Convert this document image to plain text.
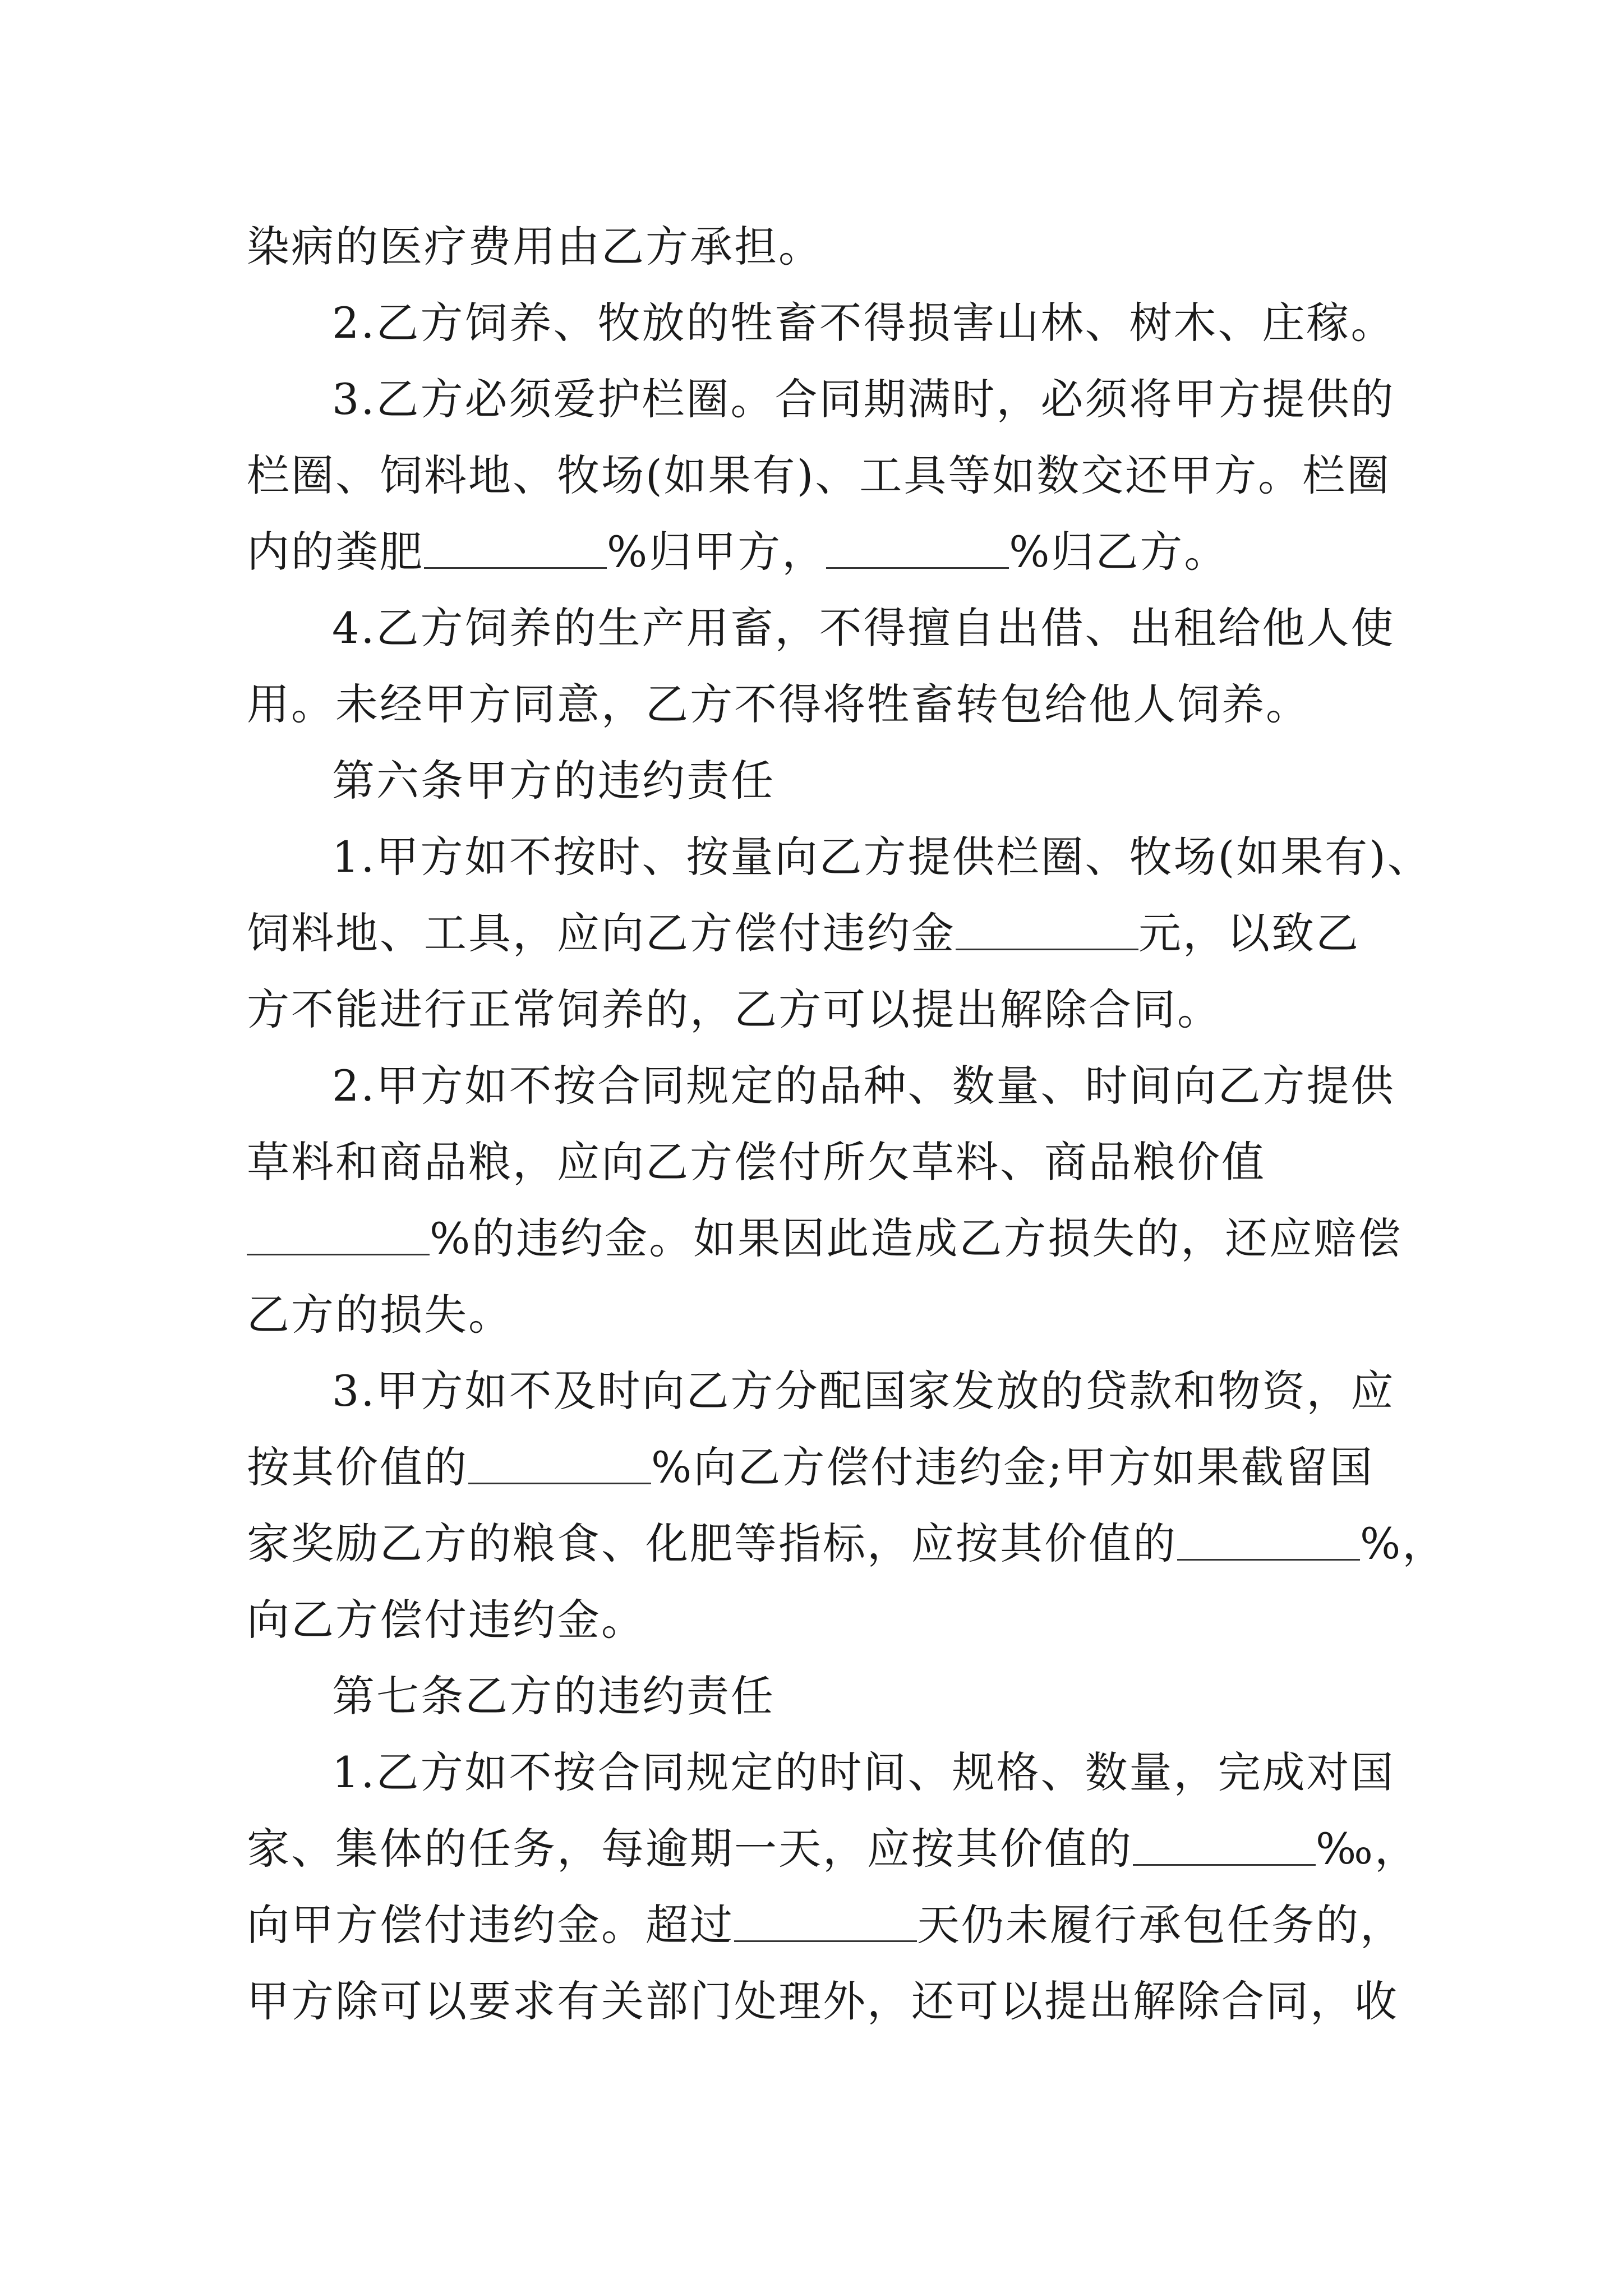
染病的医疗费用由乙方承担。
2.乙方饲养、牧放的牲畜不得损害山林、树木、庄稼。
3.乙方必须爱护栏圈。合同期满时，必须将甲方提供的
栏圈、饲料地、牧场(如果有)、工具等如数交还甲方。栏圈
内的粪肥	%归甲方，	%归乙方。
4.乙方饲养的生产用畜，不得擅自出借、出租给他人使
用。未经甲方同意，乙方不得将牲畜转包给他人饲养。
第六条甲方的违约责任
1.甲方如不按时、按量向乙方提供栏圈、牧场(如果有)、
饲料地、工具，应向乙方偿付违约金	元，以致乙
方不能进行正常饲养的，乙方可以提出解除合同。
2.甲方如不按合同规定的品种、数量、时间向乙方提供
草料和商品粮，应向乙方偿付所欠草料、商品粮价值
%的违约金。如果因此造成乙方损失的，还应赔偿
乙方的损失。
3.甲方如不及时向乙方分配国家发放的贷款和物资，应
按其价值的	%向乙方偿付违约金;甲方如果截留国
家奖励乙方的粮食、化肥等指标，应按其价值的	%，
向乙方偿付违约金。
第七条乙方的违约责任
1.乙方如不按合同规定的时间、规格、数量，完成对国
家、集体的任务，每逾期一天，应按其价值的	‰，
向甲方偿付违约金。超过	天仍未履行承包任务的，
甲方除可以要求有关部门处理外，还可以提出解除合同，收
